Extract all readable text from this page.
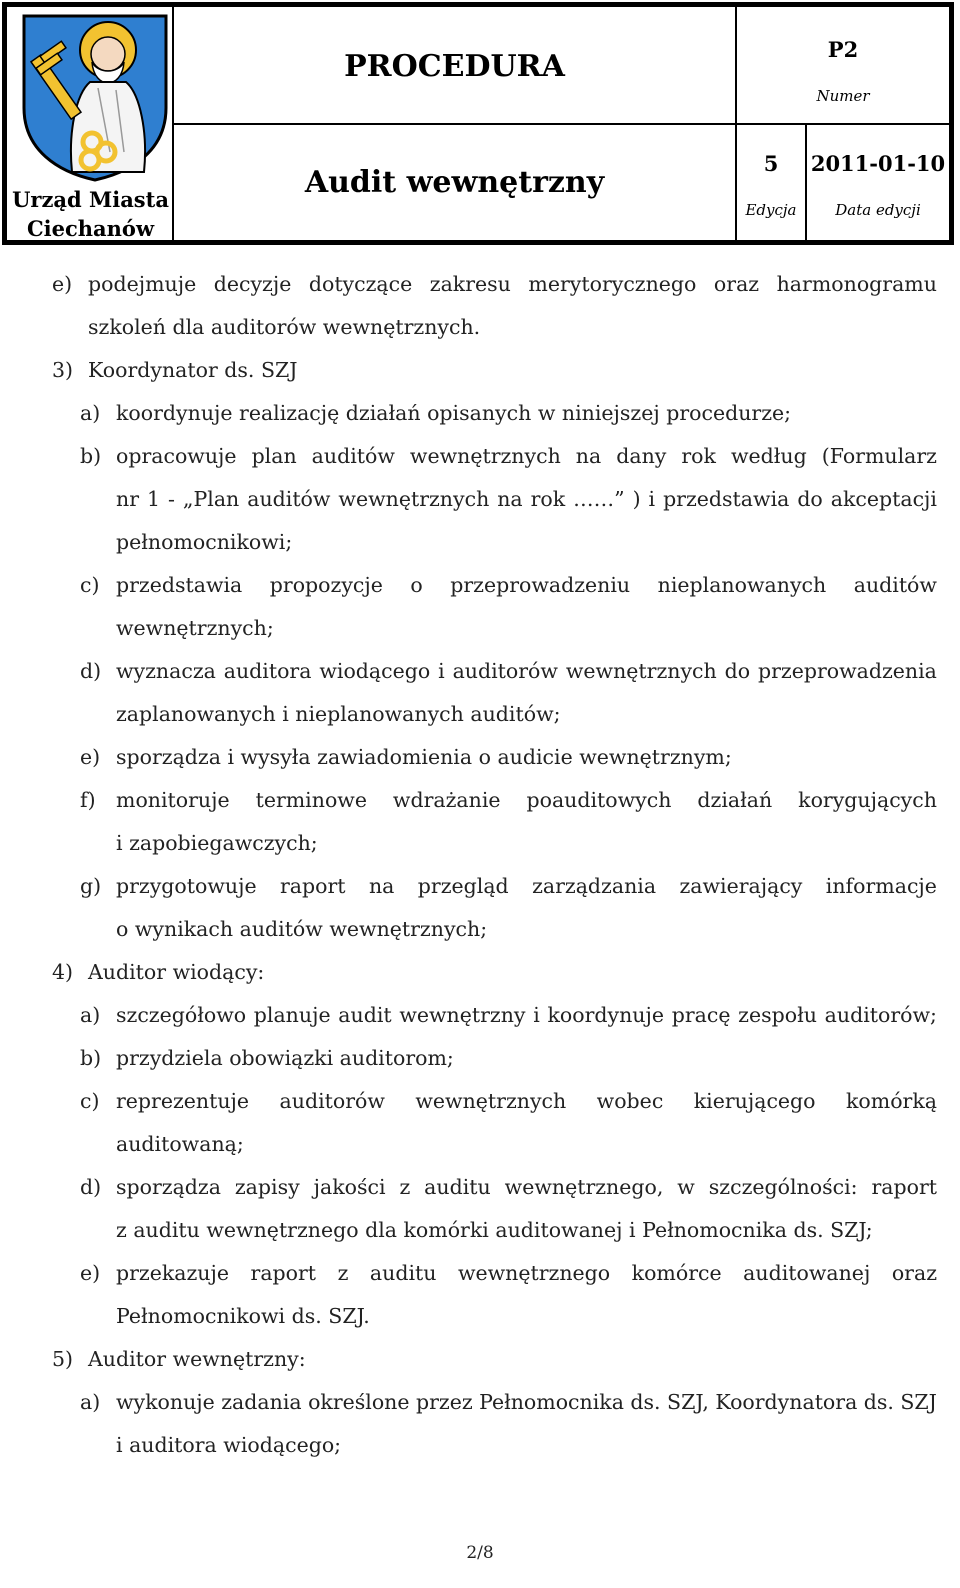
Urząd Miasta
Ciechanów
PROCEDURA
Audit wewnętrzny
P2
Numer
5
Edycja
2011-01-10
Data edycji
e) podejmuje decyzje dotyczące zakresu merytorycznego oraz harmonogramu
szkoleń dla auditorów wewnętrznych.
3) Koordynator ds. SZJ
a) koordynuje realizację działań opisanych w niniejszej procedurze;
b) opracowuje plan auditów wewnętrznych na dany rok według (Formularz
nr 1 - „Plan auditów wewnętrznych na rok ……” ) i przedstawia do akceptacji
pełnomocnikowi;
c) przedstawia propozycje o przeprowadzeniu nieplanowanych auditów
wewnętrznych;
d) wyznacza auditora wiodącego i auditorów wewnętrznych do przeprowadzenia
zaplanowanych i nieplanowanych auditów;
e) sporządza i wysyła zawiadomienia o audicie wewnętrznym;
f) monitoruje terminowe wdrażanie poauditowych działań korygujących
i zapobiegawczych;
g) przygotowuje raport na przegląd zarządzania zawierający informacje
o wynikach auditów wewnętrznych;
4) Auditor wiodący:
a) szczegółowo planuje audit wewnętrzny i koordynuje pracę zespołu auditorów;
b) przydziela obowiązki auditorom;
c) reprezentuje auditorów wewnętrznych wobec kierującego komórką
auditowaną;
d) sporządza zapisy jakości z auditu wewnętrznego, w szczególności: raport
z auditu wewnętrznego dla komórki auditowanej i Pełnomocnika ds. SZJ;
e) przekazuje raport z auditu wewnętrznego komórce auditowanej oraz
Pełnomocnikowi ds. SZJ.
5) Auditor wewnętrzny:
a) wykonuje zadania określone przez Pełnomocnika ds. SZJ, Koordynatora ds. SZJ
i auditora wiodącego;
2/8
